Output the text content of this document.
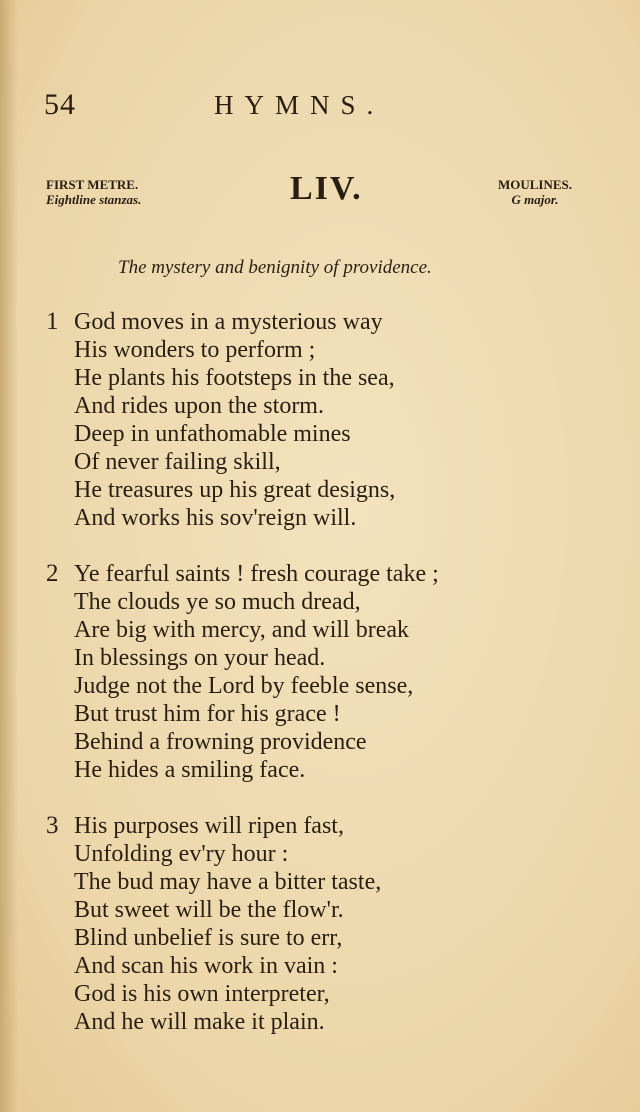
54	HYMNS.
FIRST METRE.
Eightline stanzas.	LIV.	MOULINES.
G major.
The mystery and benignity of providence.
1 God moves in a mysterious way
His wonders to perform ;
He plants his footsteps in the sea,
And rides upon the storm.
Deep in unfathomable mines
Of never failing skill,
He treasures up his great designs,
And works his sov'reign will.
2 Ye fearful saints ! fresh courage take ;
The clouds ye so much dread,
Are big with mercy, and will break
In blessings on your head.
Judge not the Lord by feeble sense,
But trust him for his grace !
Behind a frowning providence
He hides a smiling face.
3 His purposes will ripen fast,
Unfolding ev'ry hour :
The bud may have a bitter taste,
But sweet will be the flow'r.
Blind unbelief is sure to err,
And scan his work in vain :
God is his own interpreter,
And he will make it plain.
